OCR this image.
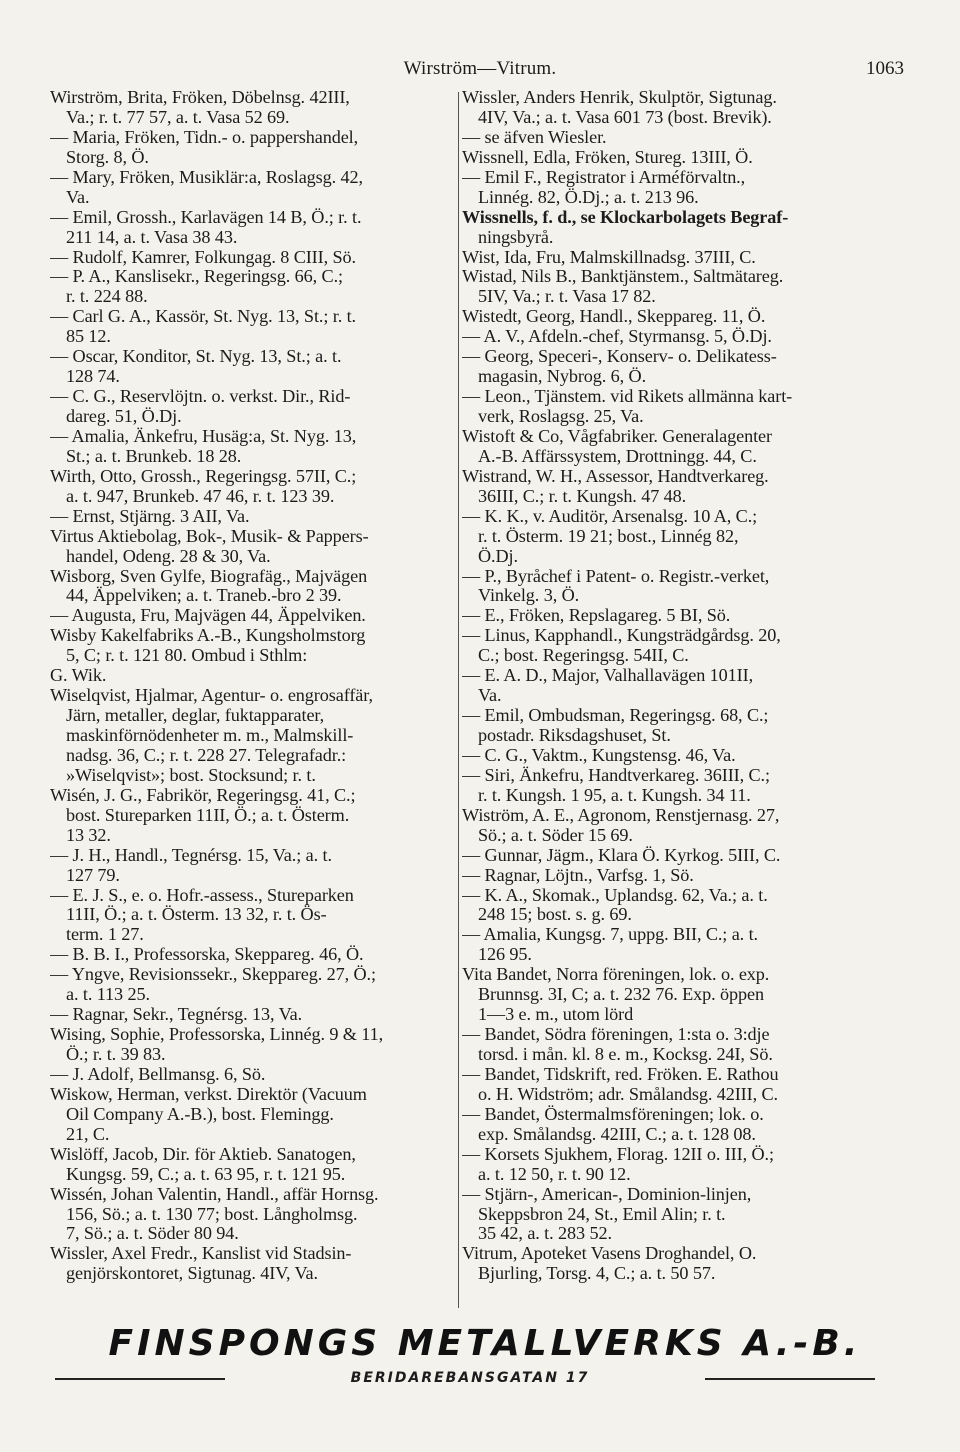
Wirström—Vitrum.	1063
Wirström, Brita, Fröken, Döbelnsg. 42III,
Va.; r. t. 77 57, a. t. Vasa 52 69.
— Maria, Fröken, Tidn.- o. pappershandel,
Storg. 8, Ö.
— Mary, Fröken, Musiklär:a, Roslagsg. 42,
Va.
— Emil, Grossh., Karlavägen 14 B, Ö.; r. t.
211 14, a. t. Vasa 38 43.
— Rudolf, Kamrer, Folkungag. 8 CIII, Sö.
— P. A., Kanslisekr., Regeringsg. 66, C.;
r. t. 224 88.
— Carl G. A., Kassör, St. Nyg. 13, St.; r. t.
85 12.
— Oscar, Konditor, St. Nyg. 13, St.; a. t.
128 74.
— C. G., Reservlöjtn. o. verkst. Dir., Rid-
dareg. 51, Ö.Dj.
— Amalia, Änkefru, Husäg:a, St. Nyg. 13,
St.; a. t. Brunkeb. 18 28.
Wirth, Otto, Grossh., Regeringsg. 57II, C.;
a. t. 947, Brunkeb. 47 46, r. t. 123 39.
— Ernst, Stjärng. 3 AII, Va.
Virtus Aktiebolag, Bok-, Musik- & Pappers-
handel, Odeng. 28 & 30, Va.
Wisborg, Sven Gylfe, Biografäg., Majvägen
44, Äppelviken; a. t. Traneb.-bro 2 39.
— Augusta, Fru, Majvägen 44, Äppelviken.
Wisby Kakelfabriks A.-B., Kungsholmstorg
5, C; r. t. 121 80. Ombud i Sthlm:
G. Wik.
Wiselqvist, Hjalmar, Agentur- o. engrosaffär,
Järn, metaller, deglar, fuktapparater,
maskinförnödenheter m. m., Malmskill-
nadsg. 36, C.; r. t. 228 27. Telegrafadr.:
»Wiselqvist»; bost. Stocksund; r. t.
Wisén, J. G., Fabrikör, Regeringsg. 41, C.;
bost. Stureparken 11II, Ö.; a. t. Österm.
13 32.
— J. H., Handl., Tegnérsg. 15, Va.; a. t.
127 79.
— E. J. S., e. o. Hofr.-assess., Stureparken
11II, Ö.; a. t. Österm. 13 32, r. t. Ös-
term. 1 27.
— B. B. I., Professorska, Skeppareg. 46, Ö.
— Yngve, Revisionssekr., Skeppareg. 27, Ö.;
a. t. 113 25.
— Ragnar, Sekr., Tegnérsg. 13, Va.
Wising, Sophie, Professorska, Linnég. 9 & 11,
Ö.; r. t. 39 83.
— J. Adolf, Bellmansg. 6, Sö.
Wiskow, Herman, verkst. Direktör (Vacuum
Oil Company A.-B.), bost. Flemingg.
21, C.
Wislöff, Jacob, Dir. för Aktieb. Sanatogen,
Kungsg. 59, C.; a. t. 63 95, r. t. 121 95.
Wissén, Johan Valentin, Handl., affär Hornsg.
156, Sö.; a. t. 130 77; bost. Långholmsg.
7, Sö.; a. t. Söder 80 94.
Wissler, Axel Fredr., Kanslist vid Stadsin-
genjörskontoret, Sigtunag. 4IV, Va.
Wissler, Anders Henrik, Skulptör, Sigtunag.
4IV, Va.; a. t. Vasa 601 73 (bost. Brevik).
— se äfven Wiesler.
Wissnell, Edla, Fröken, Stureg. 13III, Ö.
— Emil F., Registrator i Arméförvaltn.,
Linnég. 82, Ö.Dj.; a. t. 213 96.
Wissnells, f. d., se Klockarbolagets Begraf-
ningsbyrå.
Wist, Ida, Fru, Malmskillnadsg. 37III, C.
Wistad, Nils B., Banktjänstem., Saltmätareg.
5IV, Va.; r. t. Vasa 17 82.
Wistedt, Georg, Handl., Skeppareg. 11, Ö.
— A. V., Afdeln.-chef, Styrmansg. 5, Ö.Dj.
— Georg, Speceri-, Konserv- o. Delikatess-
magasin, Nybrog. 6, Ö.
— Leon., Tjänstem. vid Rikets allmänna kart-
verk, Roslagsg. 25, Va.
Wistoft & Co, Vågfabriker. Generalagenter
A.-B. Affärssystem, Drottningg. 44, C.
Wistrand, W. H., Assessor, Handtverkareg.
36III, C.; r. t. Kungsh. 47 48.
— K. K., v. Auditör, Arsenalsg. 10 A, C.;
r. t. Österm. 19 21; bost., Linnég 82,
Ö.Dj.
— P., Byråchef i Patent- o. Registr.-verket,
Vinkelg. 3, Ö.
— E., Fröken, Repslagareg. 5 BI, Sö.
— Linus, Kapphandl., Kungsträdgårdsg. 20,
C.; bost. Regeringsg. 54II, C.
— E. A. D., Major, Valhallavägen 101II,
Va.
— Emil, Ombudsman, Regeringsg. 68, C.;
postadr. Riksdagshuset, St.
— C. G., Vaktm., Kungstensg. 46, Va.
— Siri, Änkefru, Handtverkareg. 36III, C.;
r. t. Kungsh. 1 95, a. t. Kungsh. 34 11.
Wiström, A. E., Agronom, Renstjernasg. 27,
Sö.; a. t. Söder 15 69.
— Gunnar, Jägm., Klara Ö. Kyrkog. 5III, C.
— Ragnar, Löjtn., Varfsg. 1, Sö.
— K. A., Skomak., Uplandsg. 62, Va.; a. t.
248 15; bost. s. g. 69.
— Amalia, Kungsg. 7, uppg. BII, C.; a. t.
126 95.
Vita Bandet, Norra föreningen, lok. o. exp.
Brunnsg. 3I, C; a. t. 232 76. Exp. öppen
1—3 e. m., utom lörd
— Bandet, Södra föreningen, 1:sta o. 3:dje
torsd. i mån. kl. 8 e. m., Kocksg. 24I, Sö.
— Bandet, Tidskrift, red. Fröken. E. Rathou
o. H. Widström; adr. Smålandsg. 42III, C.
— Bandet, Östermalmsföreningen; lok. o.
exp. Smålandsg. 42III, C.; a. t. 128 08.
— Korsets Sjukhem, Florag. 12II o. III, Ö.;
a. t. 12 50, r. t. 90 12.
— Stjärn-, American-, Dominion-linjen,
Skeppsbron 24, St., Emil Alin; r. t.
35 42, a. t. 283 52.
Vitrum, Apoteket Vasens Droghandel, O.
Bjurling, Torsg. 4, C.; a. t. 50 57.
FINSPONGS METALLVERKS A.-B.
BERIDAREBANSGATAN 17
